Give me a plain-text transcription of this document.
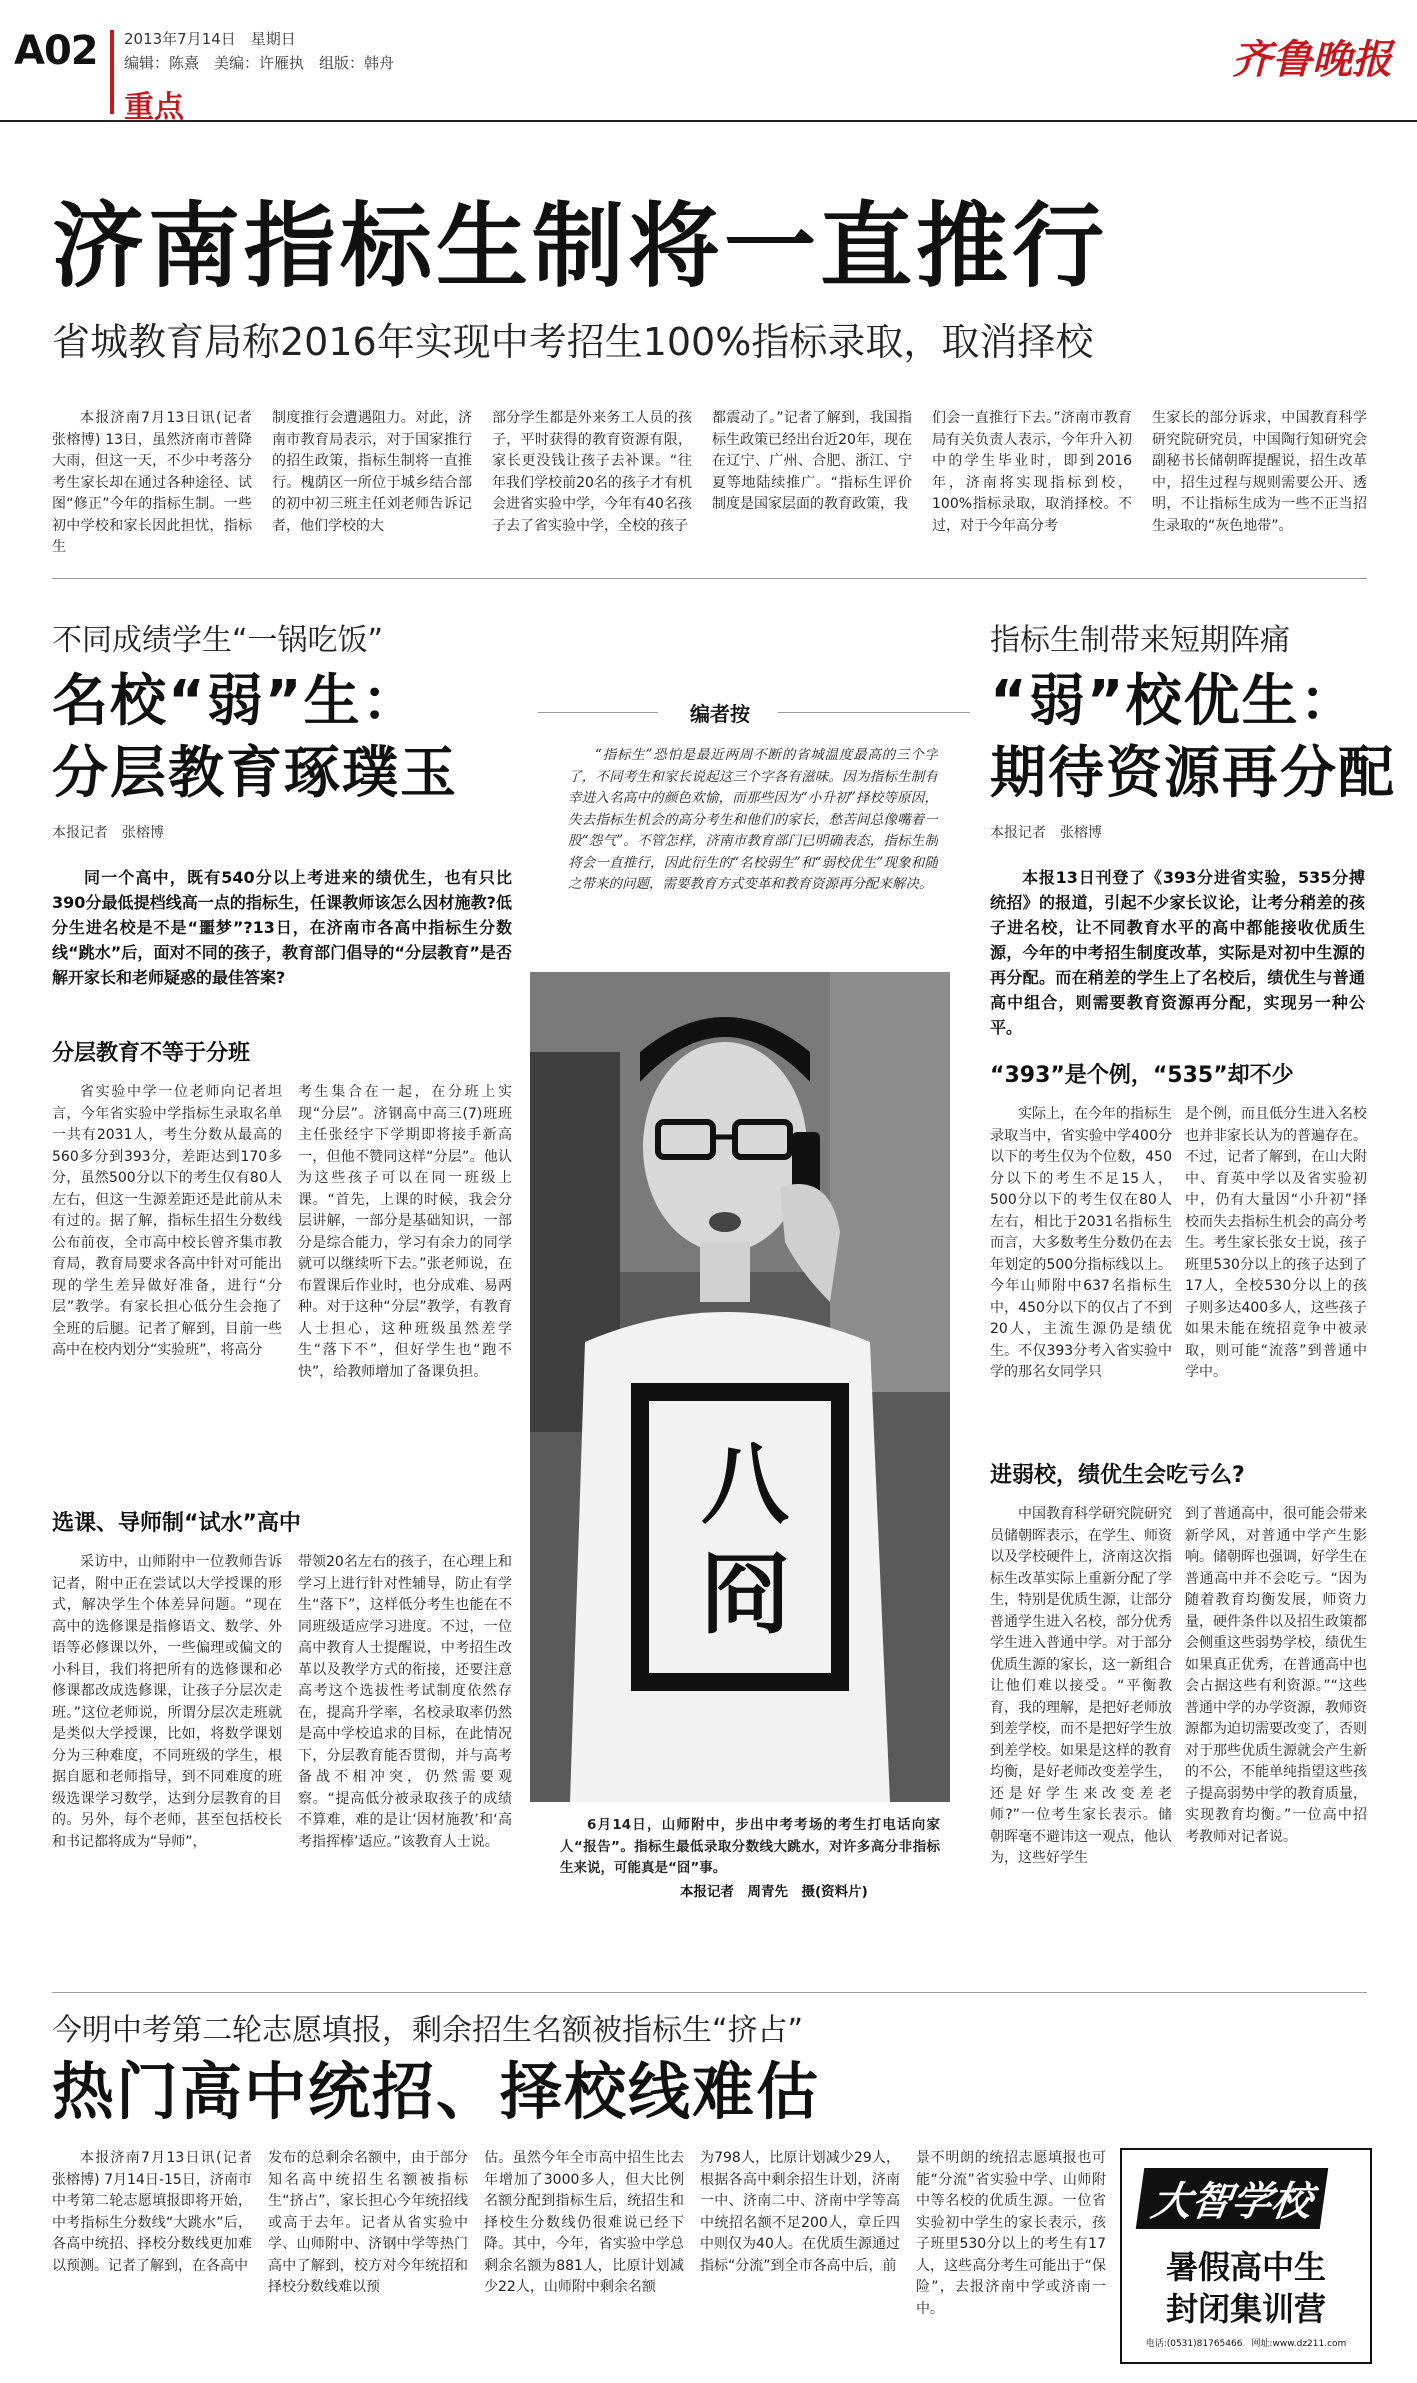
A02 2013年7月14日　星期日
编辑：陈熹　美编：许雁执　组版：韩舟
重点
齐鲁晚报
济南指标生制将一直推行
省城教育局称2016年实现中考招生100%指标录取，取消择校

本报济南7月13日讯(记者 张榕博) 13日，虽然济南市普降大雨，但这一天，不少中考落分考生家长却在通过各种途径、试图“修正”今年的指标生制。一些初中学校和家长因此担忧，指标生

制度推行会遭遇阻力。对此，济南市教育局表示，对于国家推行的招生政策，指标生制将一直推行。槐荫区一所位于城乡结合部的初中初三班主任刘老师告诉记者，他们学校的大

部分学生都是外来务工人员的孩子，平时获得的教育资源有限，家长更没钱让孩子去补课。“往年我们学校前20名的孩子才有机会进省实验中学，今年有40名孩子去了省实验中学，全校的孩子

都震动了。”记者了解到，我国指标生政策已经出台近20年，现在在辽宁、广州、合肥、浙江、宁夏等地陆续推广。“指标生评价制度是国家层面的教育政策，我

们会一直推行下去。”济南市教育局有关负责人表示，今年升入初中的学生毕业时，即到2016年，济南将实现指标到校，100%指标录取，取消择校。不过，对于今年高分考

生家长的部分诉求，中国教育科学研究院研究员，中国陶行知研究会副秘书长储朝晖提醒说，招生改革中，招生过程与规则需要公开、透明，不让指标生成为一些不正当招生录取的“灰色地带”。

不同成绩学生“一锅吃饭”
名校“弱”生：
分层教育琢璞玉
本报记者　张榕博

同一个高中，既有540分以上考进来的绩优生，也有只比390分最低提档线高一点的指标生，任课教师该怎么因材施教?低分生进名校是不是“噩梦”?13日，在济南市各高中指标生分数线“跳水”后，面对不同的孩子，教育部门倡导的“分层教育”是否解开家长和老师疑惑的最佳答案?

分层教育不等于分班

省实验中学一位老师向记者坦言，今年省实验中学指标生录取名单一共有2031人，考生分数从最高的560多分到393分，差距达到170多分，虽然500分以下的考生仅有80人左右，但这一生源差距还是此前从未有过的。据了解，指标生招生分数线公布前夜，全市高中校长曾齐集市教育局，教育局要求各高中针对可能出现的学生差异做好准备，进行“分层”教学。有家长担心低分生会拖了全班的后腿。记者了解到，目前一些高中在校内划分“实验班”，将高分

考生集合在一起，在分班上实现“分层”。济钢高中高三(7)班班主任张经宇下学期即将接手新高一，但他不赞同这样“分层”。他认为这些孩子可以在同一班级上课。“首先，上课的时候，我会分层讲解，一部分是基础知识，一部分是综合能力，学习有余力的同学就可以继续听下去。”张老师说，在布置课后作业时，也分成难、易两种。对于这种“分层”教学，有教育人士担心，这种班级虽然差学生“落下不”，但好学生也“跑不快”，给教师增加了备课负担。

选课、导师制“试水”高中

采访中，山师附中一位教师告诉记者，附中正在尝试以大学授课的形式，解决学生个体差异问题。“现在高中的选修课是指修语文、数学、外语等必修课以外，一些偏理或偏文的小科目，我们将把所有的选修课和必修课都改成选修课，让孩子分层次走班。”这位老师说，所谓分层次走班就是类似大学授课，比如，将数学课划分为三种难度，不同班级的学生，根据自愿和老师指导，到不同难度的班级选课学习数学，达到分层教育的目的。另外，每个老师，甚至包括校长和书记都将成为“导师”，

带领20名左右的孩子，在心理上和学习上进行针对性辅导，防止有学生“落下”，这样低分考生也能在不同班级适应学习进度。不过，一位高中教育人士提醒说，中考招生改革以及教学方式的衔接，还要注意高考这个选拔性考试制度依然存在，提高升学率，名校录取率仍然是高中学校追求的目标，在此情况下，分层教育能否贯彻，并与高考备战不相冲突，仍然需要观察。“提高低分被录取孩子的成绩不算难，难的是让‘因材施教’和‘高考指挥棒’适应。”该教育人士说。

编者按

“指标生”恐怕是最近两周不断的省城温度最高的三个字了，不同考生和家长说起这三个字各有滋味。因为指标生制有幸进入名高中的颜色欢愉，而那些因为“小升初”择校等原因，失去指标生机会的高分考生和他们的家长，愁苦间总像嘴着一股“怨气”。不管怎样，济南市教育部门已明确表态，指标生制将会一直推行，因此衍生的“名校弱生”和“弱校优生”现象和随之带来的问题，需要教育方式变革和教育资源再分配来解决。

八冏

6月14日，山师附中，步出中考考场的考生打电话向家人“报告”。指标生最低录取分数线大跳水，对许多高分非指标生来说，可能真是“囧”事。

本报记者　周青先　摄(资料片)
指标生制带来短期阵痛
“弱”校优生：
期待资源再分配
本报记者　张榕博

本报13日刊登了《393分进省实验，535分搏统招》的报道，引起不少家长议论，让考分稍差的孩子进名校，让不同教育水平的高中都能接收优质生源，今年的中考招生制度改革，实际是对初中生源的再分配。而在稍差的学生上了名校后，绩优生与普通高中组合，则需要教育资源再分配，实现另一种公平。

“393”是个例，“535”却不少

实际上，在今年的指标生录取当中，省实验中学400分以下的考生仅为个位数，450分以下的考生不足15人，500分以下的考生仅在80人左右，相比于2031名指标生而言，大多数考生分数仍在去年划定的500分指标线以上。今年山师附中637名指标生中，450分以下的仅占了不到20人，主流生源仍是绩优生。不仅393分考入省实验中学的那名女同学只

是个例，而且低分生进入名校也并非家长认为的普遍存在。不过，记者了解到，在山大附中、育英中学以及省实验初中，仍有大量因“小升初”择校而失去指标生机会的高分考生。考生家长张女士说，孩子班里530分以上的孩子达到了17人，全校530分以上的孩子则多达400多人，这些孩子如果未能在统招竞争中被录取，则可能“流落”到普通中学中。

进弱校，绩优生会吃亏么?

中国教育科学研究院研究员储朝晖表示，在学生、师资以及学校硬件上，济南这次指标生改革实际上重新分配了学生，特别是优质生源，让部分普通学生进入名校，部分优秀学生进入普通中学。对于部分优质生源的家长，这一新组合让他们难以接受。“平衡教育，我的理解，是把好老师放到差学校，而不是把好学生放到差学校。如果是这样的教育均衡，是好老师改变差学生，还是好学生来改变差老师?”一位考生家长表示。储朝晖毫不避讳这一观点，他认为，这些好学生

到了普通高中，很可能会带来新学风，对普通中学产生影响。储朝晖也强调，好学生在普通高中并不会吃亏。“因为随着教育均衡发展，师资力量，硬件条件以及招生政策都会侧重这些弱势学校，绩优生如果真正优秀，在普通高中也会占据这些有利资源。”“这些普通中学的办学资源，教师资源都为迫切需要改变了，否则对于那些优质生源就会产生新的不公，不能单纯指望这些孩子提高弱势中学的教育质量，实现教育均衡。”一位高中招考教师对记者说。

今明中考第二轮志愿填报，剩余招生名额被指标生“挤占”
热门高中统招、择校线难估

本报济南7月13日讯(记者 张榕博) 7月14日-15日，济南市中考第二轮志愿填报即将开始，中考指标生分数线“大跳水”后，各高中统招、择校分数线更加难以预测。记者了解到，在各高中

发布的总剩余名额中，由于部分知名高中统招生名额被指标生“挤占”，家长担心今年统招线或高于去年。记者从省实验中学、山师附中、济钢中学等热门高中了解到，校方对今年统招和择校分数线难以预

估。虽然今年全市高中招生比去年增加了3000多人，但大比例名额分配到指标生后，统招生和择校生分数线仍很难说已经下降。其中，今年，省实验中学总剩余名额为881人，比原计划减少22人，山师附中剩余名额

为798人，比原计划减少29人，根据各高中剩余招生计划，济南一中、济南二中、济南中学等高中统招名额不足200人，章丘四中则仅为40人。在优质生源通过指标“分流”到全市各高中后，前

景不明朗的统招志愿填报也可能“分流”省实验中学、山师附中等名校的优质生源。一位省实验初中学生的家长表示，孩子班里530分以上的考生有17人，这些高分考生可能出于“保险”，去报济南中学或济南一中。

大智学校
暑假高中生
封闭集训营
电话:(0531)81765466　网址:www.dz211.com
